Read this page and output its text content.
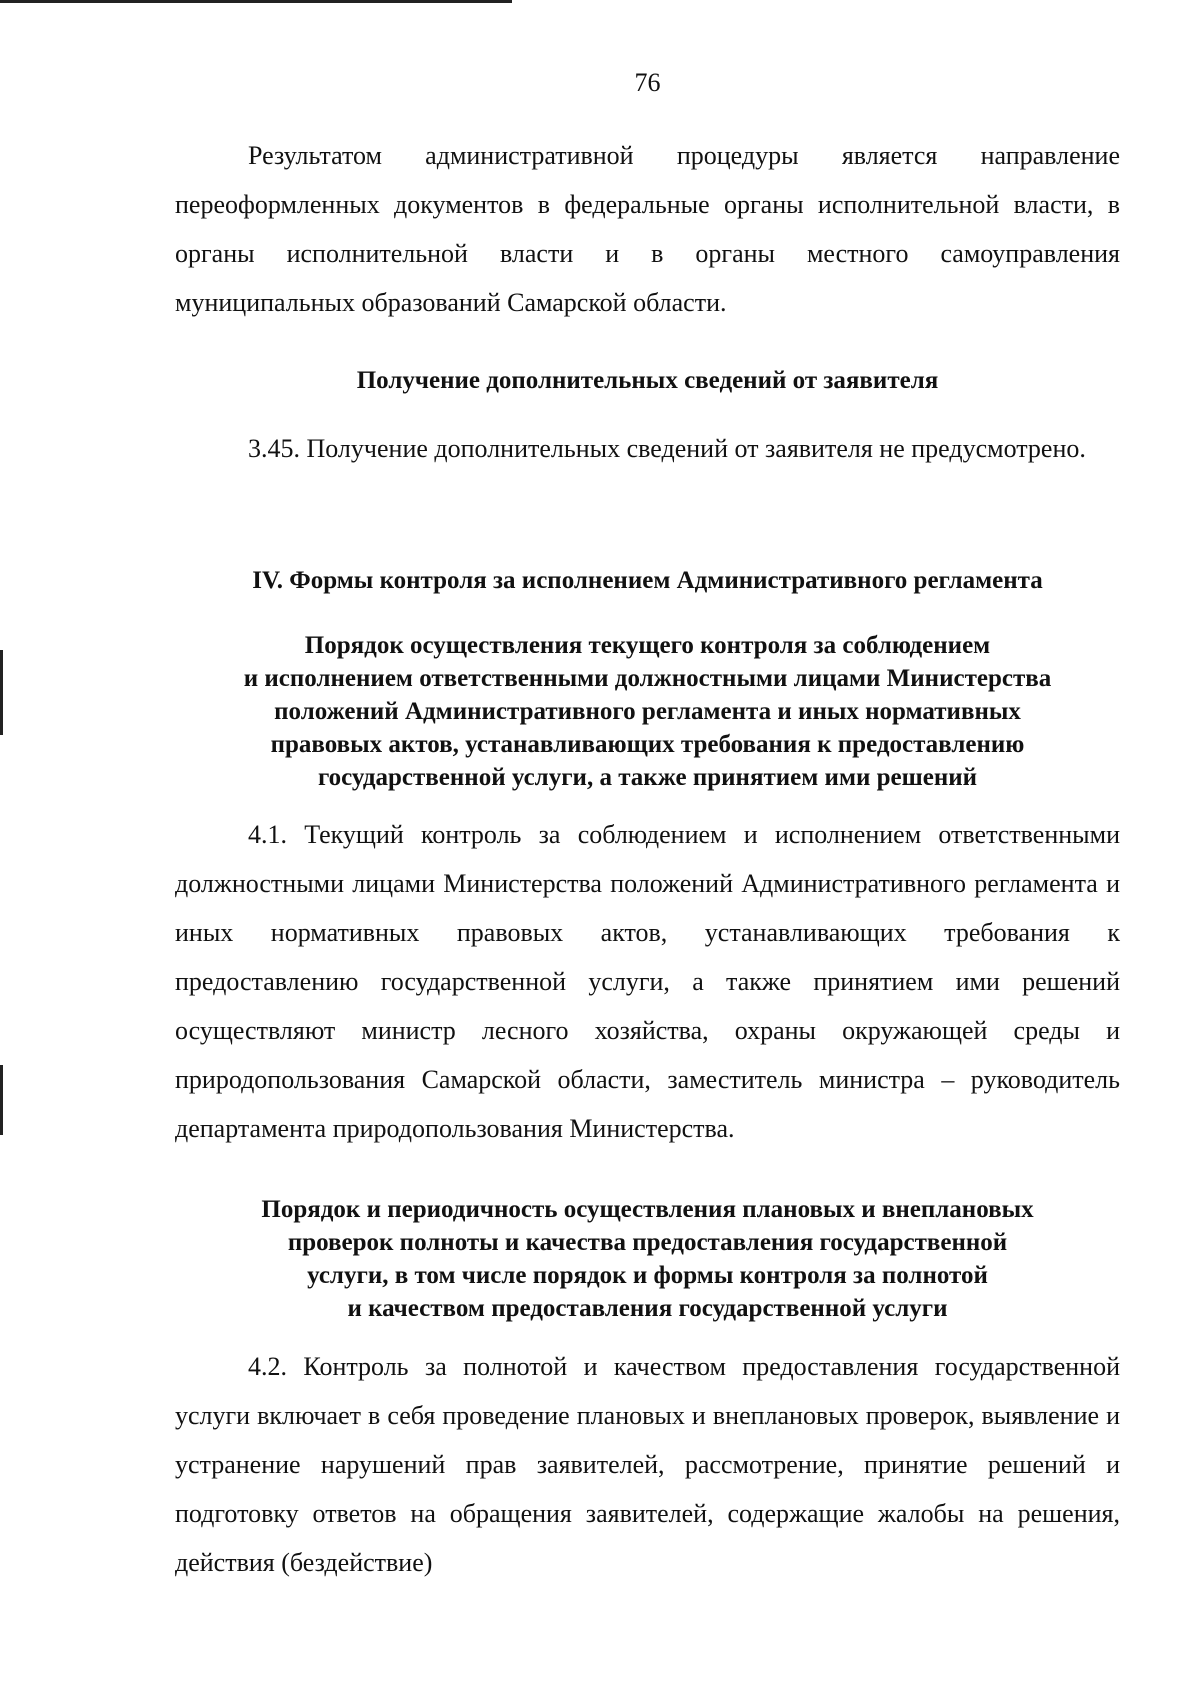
76

Результатом административной процедуры является направление переоформленных документов в федеральные органы исполнительной власти, в органы исполнительной власти и в органы местного самоуправления муниципальных образований Самарской области.

Получение дополнительных сведений от заявителя

3.45. Получение дополнительных сведений от заявителя не предусмотрено.

IV. Формы контроля за исполнением Административного регламента
Порядок осуществления текущего контроля за соблюдением
и исполнением ответственными должностными лицами Министерства
положений Административного регламента и иных нормативных
правовых актов, устанавливающих требования к предоставлению
государственной услуги, а также принятием ими решений

4.1. Текущий контроль за соблюдением и исполнением ответственными должностными лицами Министерства положений Административного регламента и иных нормативных правовых актов, устанавливающих требования к предоставлению государственной услуги, а также принятием ими решений осуществляют министр лесного хозяйства, охраны окружающей среды и природопользования Самарской области, заместитель министра – руководитель департамента природопользования Министерства.

Порядок и периодичность осуществления плановых и внеплановых
проверок полноты и качества предоставления государственной
услуги, в том числе порядок и формы контроля за полнотой
и качеством предоставления государственной услуги

4.2. Контроль за полнотой и качеством предоставления государственной услуги включает в себя проведение плановых и внеплановых проверок, выявление и устранение нарушений прав заявителей, рассмотрение, принятие решений и подготовку ответов на обращения заявителей, содержащие жалобы на решения, действия (бездействие)
